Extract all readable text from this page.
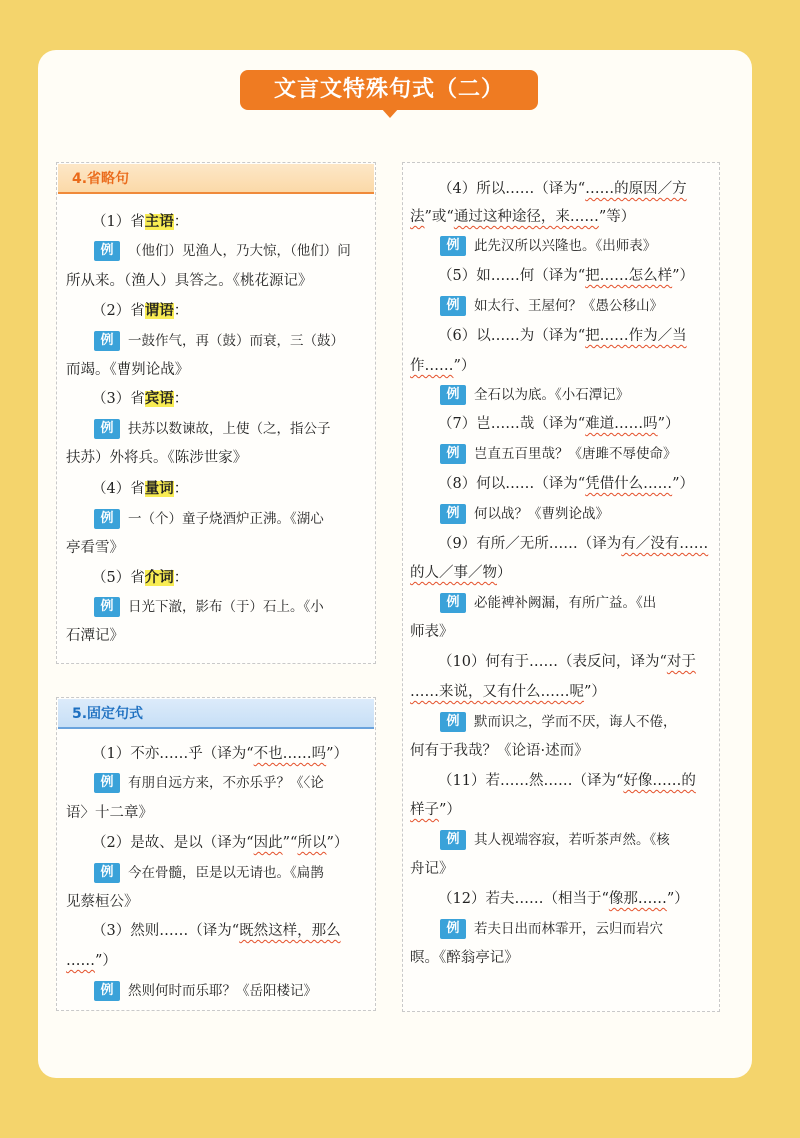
文言文特殊句式（二）
4.省略句
（1）省主语：
例 （他们）见渔人，乃大惊，（他们）问
所从来。（渔人）具答之。《桃花源记》
（2）省谓语：
例 一鼓作气，再（鼓）而衰，三（鼓）
而竭。《曹刿论战》
（3）省宾语：
例 扶苏以数谏故，上使（之，指公子
扶苏）外将兵。《陈涉世家》
（4）省量词：
例 一（个）童子烧酒炉正沸。《湖心
亭看雪》
（5）省介词：
例 日光下澈，影布（于）石上。《小
石潭记》
5.固定句式
（1）不亦……乎（译为“不也……吗”）
例 有朋自远方来，不亦乐乎？《〈论
语〉十二章》
（2）是故、是以（译为“因此”“所以”）
例 今在骨髓，臣是以无请也。《扁鹊
见蔡桓公》
（3）然则……（译为“既然这样，那么
……”）
例 然则何时而乐耶？《岳阳楼记》
（4）所以……（译为“……的原因／方
法”或“通过这种途径，来……”等）
例 此先汉所以兴隆也。《出师表》
（5）如……何（译为“把……怎么样”）
例 如太行、王屋何？《愚公移山》
（6）以……为（译为“把……作为／当
作……”）
例 全石以为底。《小石潭记》
（7）岂……哉（译为“难道……吗”）
例 岂直五百里哉？《唐雎不辱使命》
（8）何以……（译为“凭借什么……”）
例 何以战？《曹刿论战》
（9）有所／无所……（译为有／没有……
的人／事／物）
例 必能裨补阙漏，有所广益。《出
师表》
（10）何有于……（表反问，译为“对于
……来说，又有什么……呢”）
例 默而识之，学而不厌，诲人不倦，
何有于我哉？《论语·述而》
（11）若……然……（译为“好像……的
样子”）
例 其人视端容寂，若听茶声然。《核
舟记》
（12）若夫……（相当于“像那……”）
例 若夫日出而林霏开，云归而岩穴
暝。《醉翁亭记》
